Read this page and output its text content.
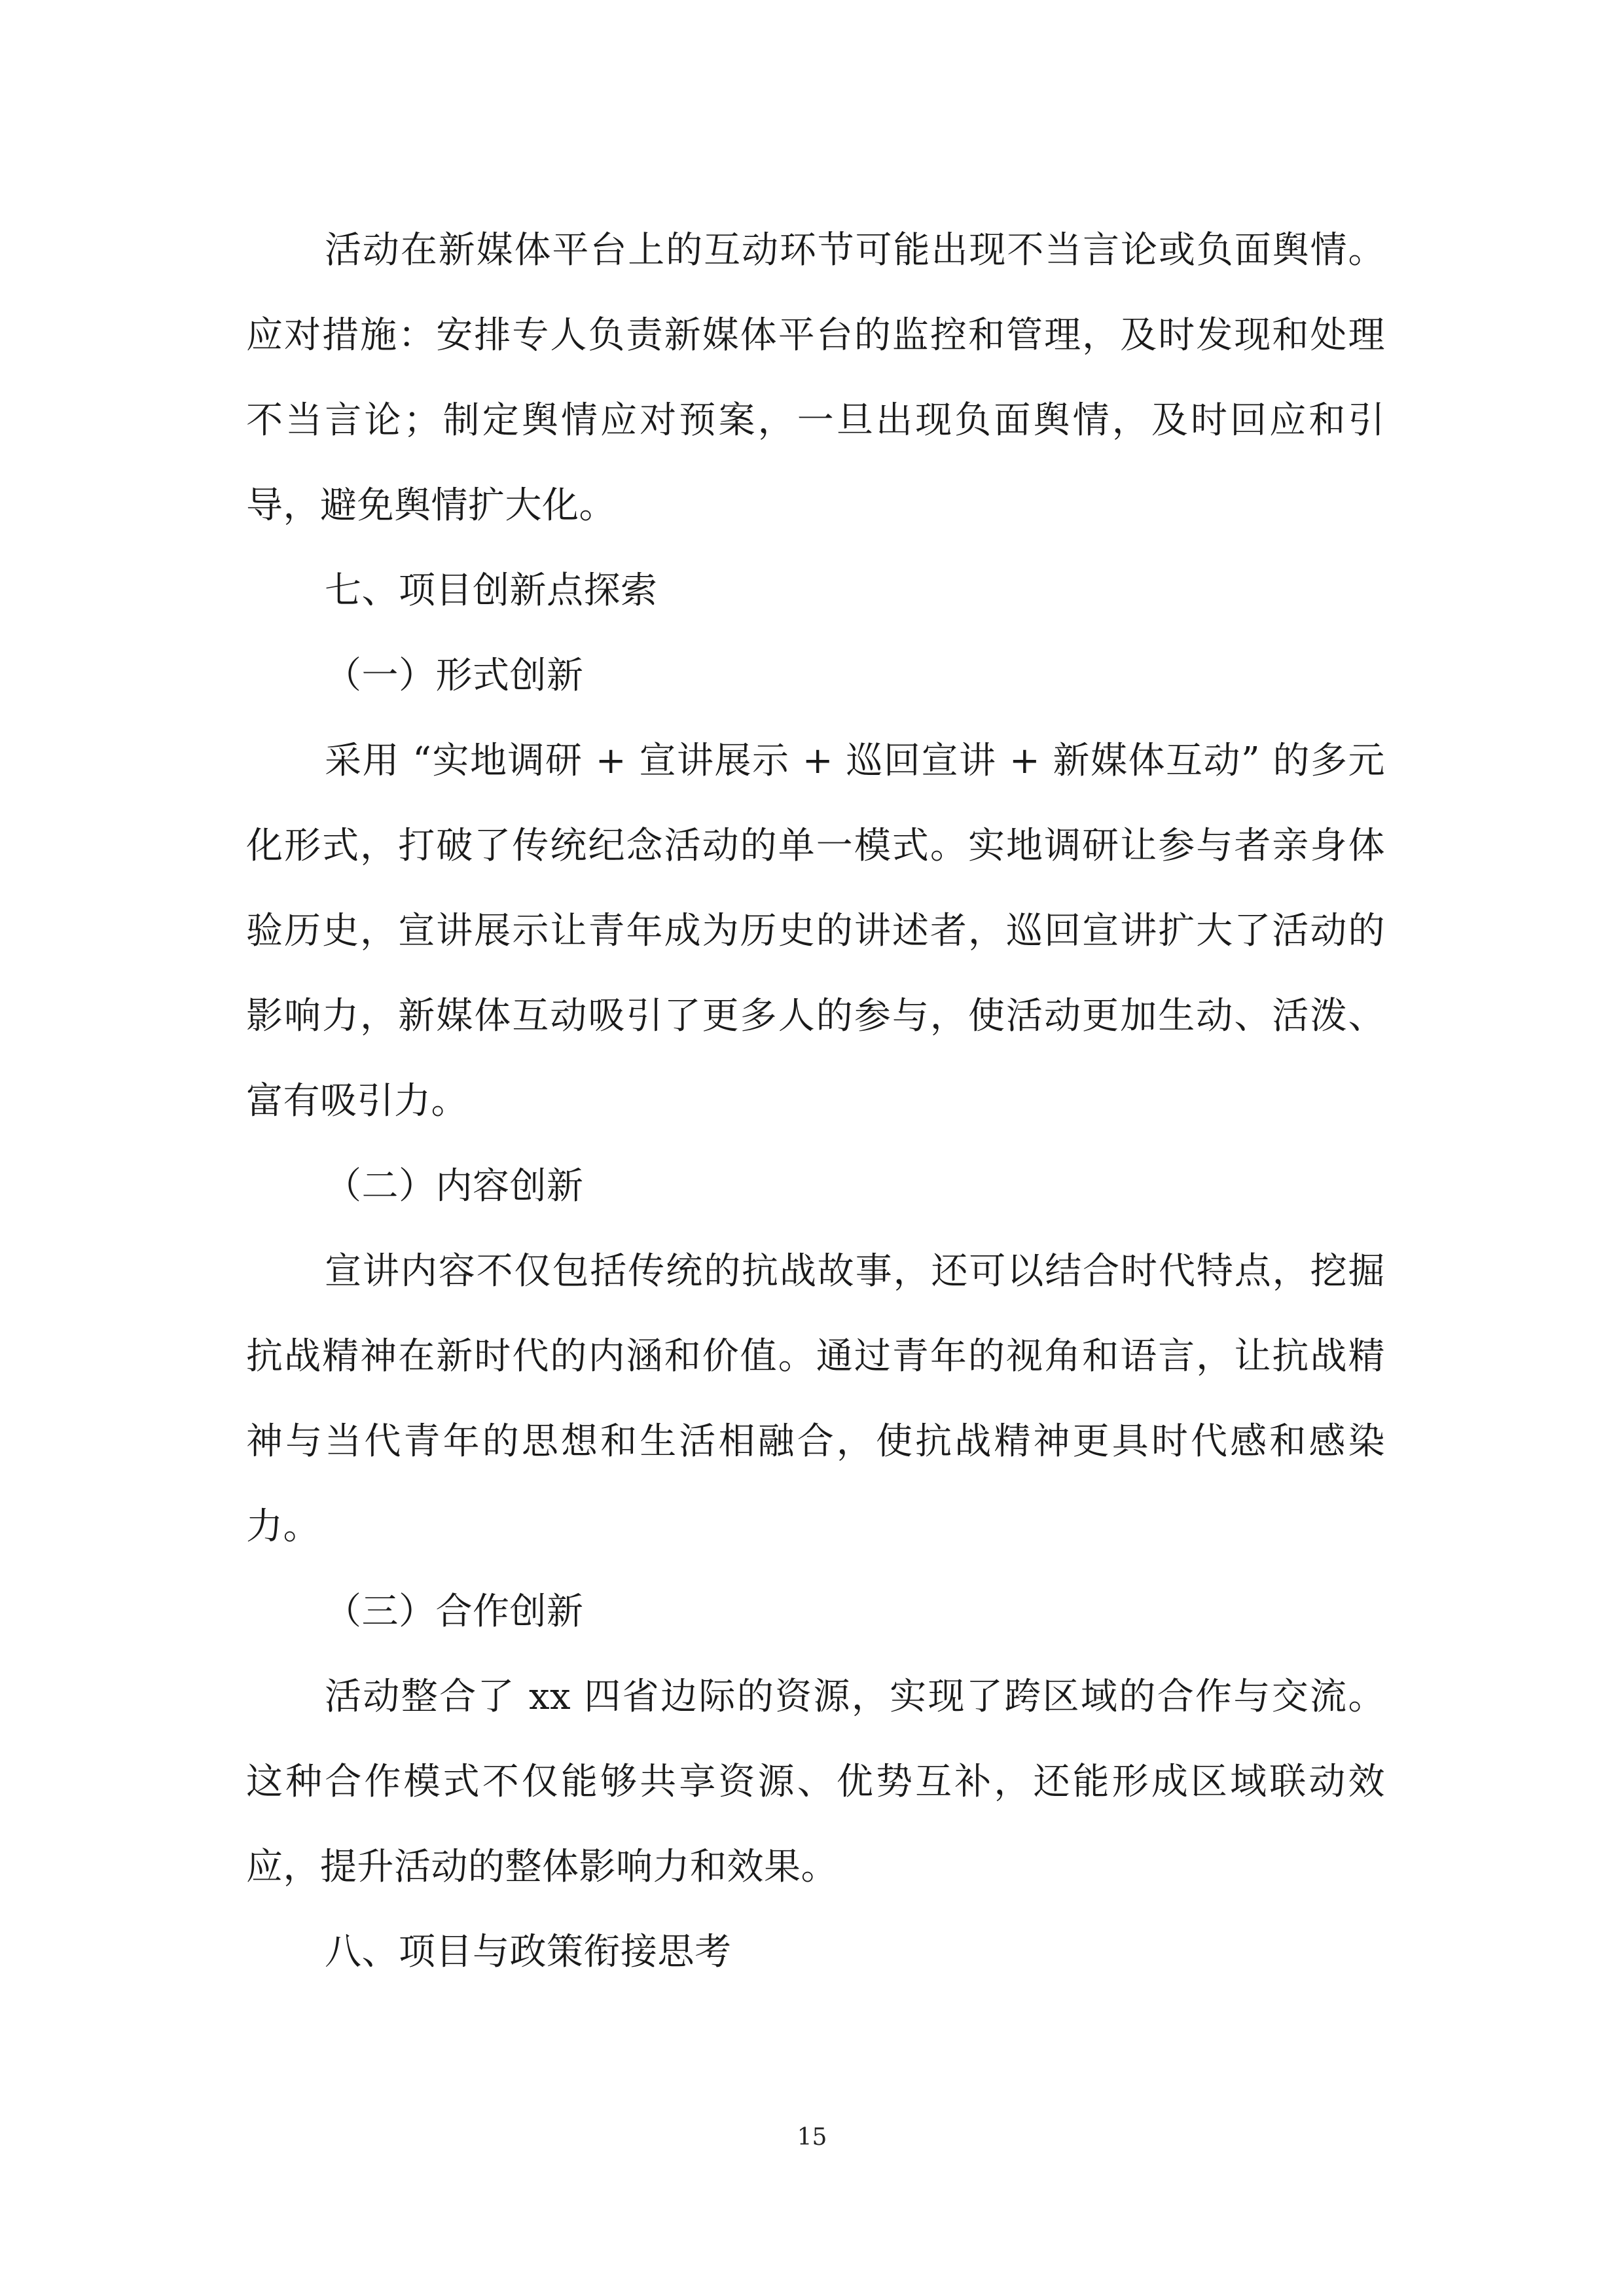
活动在新媒体平台上的互动环节可能出现不当言论或负面舆情。应对措施：安排专人负责新媒体平台的监控和管理，及时发现和处理不当言论；制定舆情应对预案，一旦出现负面舆情，及时回应和引导，避免舆情扩大化。

七、项目创新点探索

（一）形式创新

采用 “实地调研 + 宣讲展示 + 巡回宣讲 + 新媒体互动” 的多元化形式，打破了传统纪念活动的单一模式。实地调研让参与者亲身体验历史，宣讲展示让青年成为历史的讲述者，巡回宣讲扩大了活动的影响力，新媒体互动吸引了更多人的参与，使活动更加生动、活泼、富有吸引力。

（二）内容创新

宣讲内容不仅包括传统的抗战故事，还可以结合时代特点，挖掘抗战精神在新时代的内涵和价值。通过青年的视角和语言，让抗战精神与当代青年的思想和生活相融合，使抗战精神更具时代感和感染力。

（三）合作创新

活动整合了 xx 四省边际的资源，实现了跨区域的合作与交流。这种合作模式不仅能够共享资源、优势互补，还能形成区域联动效应，提升活动的整体影响力和效果。

八、项目与政策衔接思考

15
